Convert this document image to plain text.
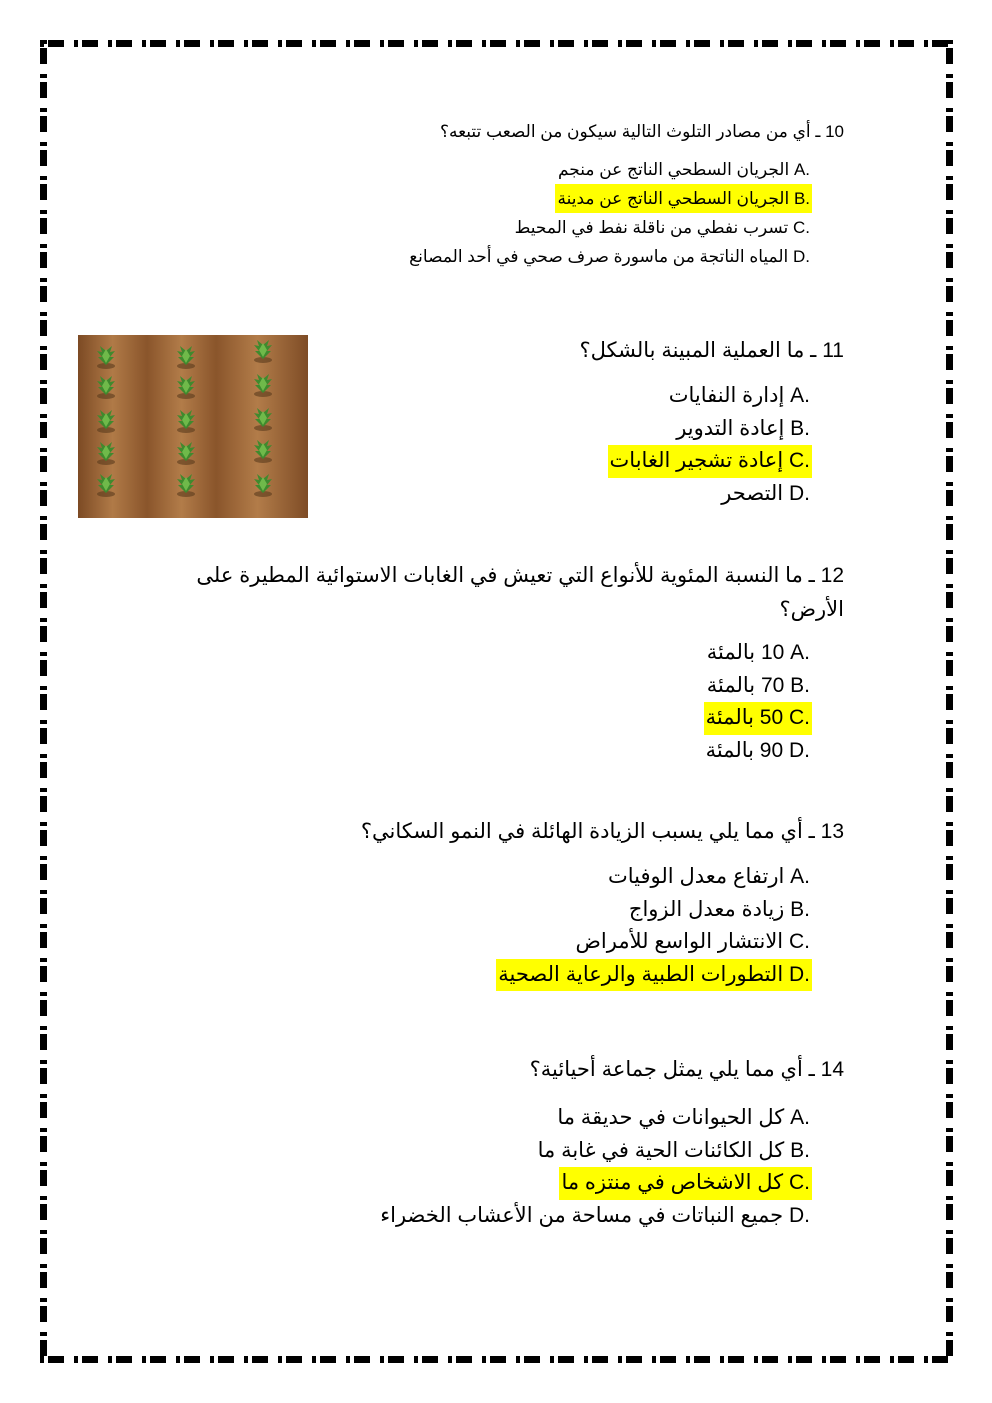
10 ـ أي من مصادر التلوث التالية سيكون من الصعب تتبعه؟
A. الجريان السطحي الناتج عن منجم
B. الجريان السطحي الناتج عن مدينة
C. تسرب نفطي من ناقلة نفط في المحيط
D. المياه الناتجة من ماسورة صرف صحي في أحد المصانع
11 ـ ما العملية المبينة بالشكل؟
A. إدارة النفايات
B. إعادة التدوير
C. إعادة تشجير الغابات
D. التصحر
12 ـ ما النسبة المئوية للأنواع التي تعيش في الغابات الاستوائية المطيرة على الأرض؟
A. 10 بالمئة
B. 70 بالمئة
C. 50 بالمئة
D. 90 بالمئة
13 ـ أي مما يلي يسبب الزيادة الهائلة في النمو السكاني؟
A. ارتفاع معدل الوفيات
B. زيادة معدل الزواج
C. الانتشار الواسع للأمراض
D. التطورات الطبية والرعاية الصحية
14 ـ أي مما يلي يمثل جماعة أحيائية؟
A. كل الحيوانات في حديقة ما
B. كل الكائنات الحية في غابة ما
C. كل الاشخاص في منتزه ما
D. جميع النباتات في مساحة من الأعشاب الخضراء
